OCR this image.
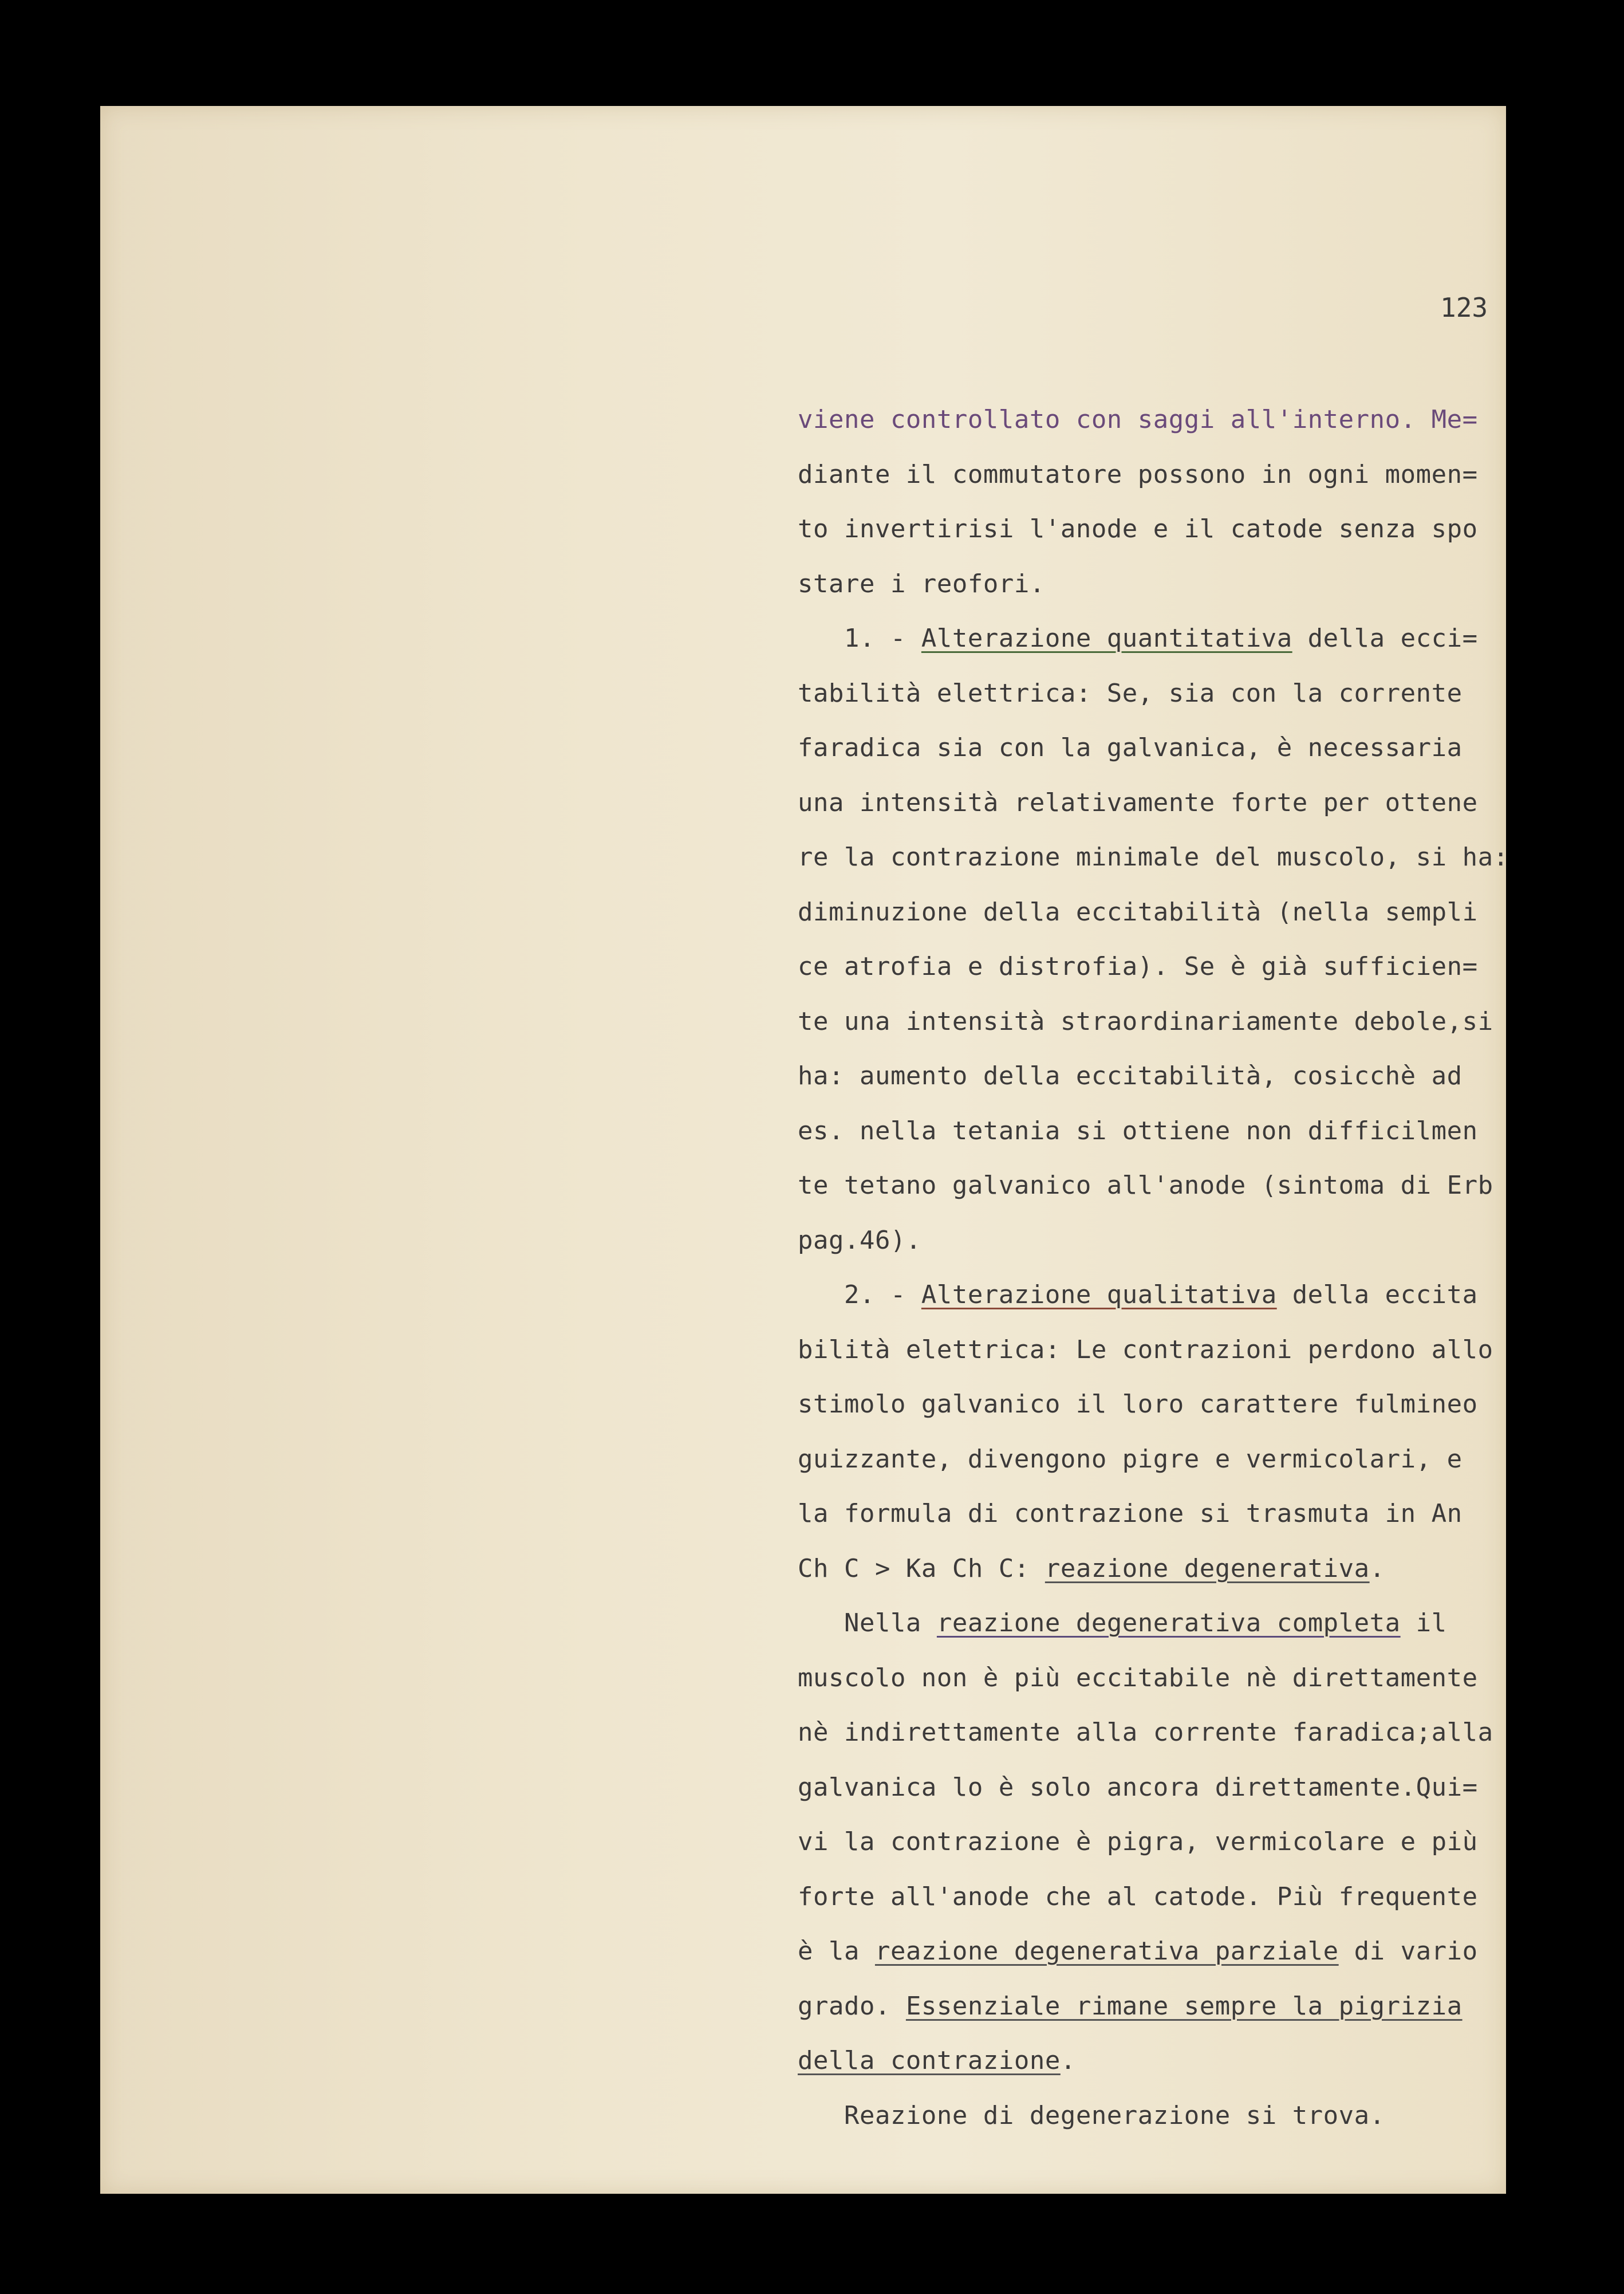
123
viene controllato con saggi all'interno. Me=
diante il commutatore possono in ogni momen=
to invertirisi l'anode e il catode senza spo
stare i reofori.
1. - Alterazione quantitativa della ecci=
tabilità elettrica: Se, sia con la corrente
faradica sia con la galvanica, è necessaria
una intensità relativamente forte per ottene
re la contrazione minimale del muscolo, si ha:
diminuzione della eccitabilità (nella sempli
ce atrofia e distrofia). Se è già sufficien=
te una intensità straordinariamente debole,si
ha: aumento della eccitabilità, cosicchè ad
es. nella tetania si ottiene non difficilmen
te tetano galvanico all'anode (sintoma di Erb
pag.46).
2. - Alterazione qualitativa della eccita
bilità elettrica: Le contrazioni perdono allo
stimolo galvanico il loro carattere fulmineo
guizzante, divengono pigre e vermicolari, e
la formula di contrazione si trasmuta in An
Ch C > Ka Ch C: reazione degenerativa.
Nella reazione degenerativa completa il
muscolo non è più eccitabile nè direttamente
nè indirettamente alla corrente faradica;alla
galvanica lo è solo ancora direttamente.Qui=
vi la contrazione è pigra, vermicolare e più
forte all'anode che al catode. Più frequente
è la reazione degenerativa parziale di vario
grado. Essenziale rimane sempre la pigrizia
della contrazione.
Reazione di degenerazione si trova.
